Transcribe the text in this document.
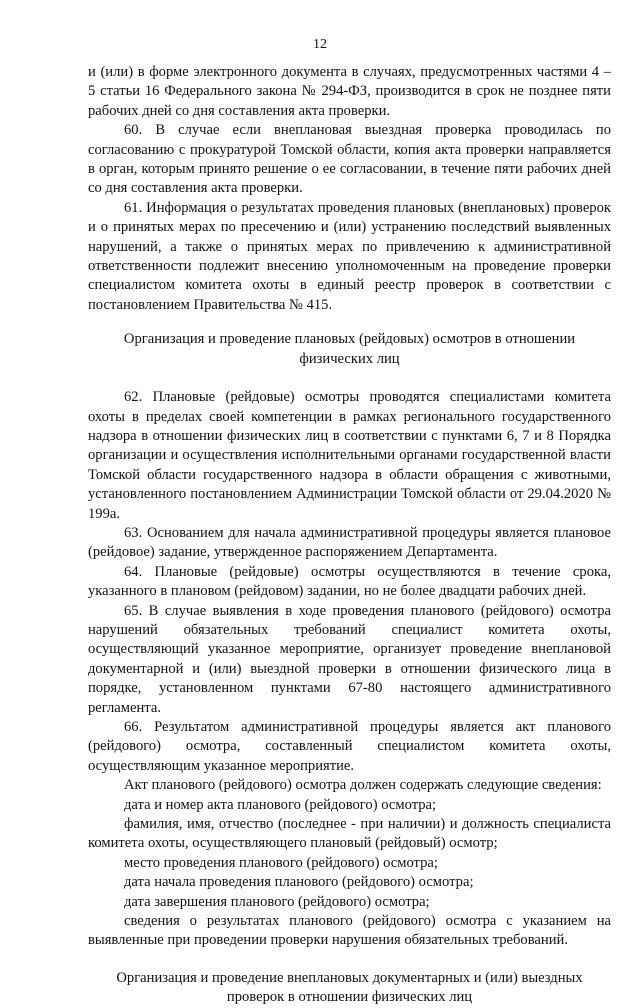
12

и (или) в форме электронного документа в случаях, предусмотренных частями 4 – 5 статьи 16 Федерального закона № 294-ФЗ, производится в срок не позднее пяти рабочих дней со дня составления акта проверки.

60. В случае если внеплановая выездная проверка проводилась по согласованию с прокуратурой Томской области, копия акта проверки направляется в орган, которым принято решение о ее согласовании, в течение пяти рабочих дней со дня составления акта проверки.

61. Информация о результатах проведения плановых (внеплановых) проверок и о принятых мерах по пресечению и (или) устранению последствий выявленных нарушений, а также о принятых мерах по привлечению к административной ответственности подлежит внесению уполномоченным на проведение проверки специалистом комитета охоты в единый реестр проверок в соответствии с постановлением Правительства № 415.

Организация и проведение плановых (рейдовых) осмотров в отношении физических лиц

62. Плановые (рейдовые) осмотры проводятся специалистами комитета охоты в пределах своей компетенции в рамках регионального государственного надзора в отношении физических лиц в соответствии с пунктами 6, 7 и 8 Порядка организации и осуществления исполнительными органами государственной власти Томской области государственного надзора в области обращения с животными, установленного постановлением Администрации Томской области от 29.04.2020 № 199а.

63. Основанием для начала административной процедуры является плановое (рейдовое) задание, утвержденное распоряжением Департамента.

64. Плановые (рейдовые) осмотры осуществляются в течение срока, указанного в плановом (рейдовом) задании, но не более двадцати рабочих дней.

65. В случае выявления в ходе проведения планового (рейдового) осмотра нарушений обязательных требований специалист комитета охоты, осуществляющий указанное мероприятие, организует проведение внеплановой документарной и (или) выездной проверки в отношении физического лица в порядке, установленном пунктами 67-80 настоящего административного регламента.

66. Результатом административной процедуры является акт планового (рейдового) осмотра, составленный специалистом комитета охоты, осуществляющим указанное мероприятие.

Акт планового (рейдового) осмотра должен содержать следующие сведения:

дата и номер акта планового (рейдового) осмотра;

фамилия, имя, отчество (последнее - при наличии) и должность специалиста комитета охоты, осуществляющего плановый (рейдовый) осмотр;

место проведения планового (рейдового) осмотра;

дата начала проведения планового (рейдового) осмотра;

дата завершения планового (рейдового) осмотра;

сведения о результатах планового (рейдового) осмотра с указанием на выявленные при проведении проверки нарушения обязательных требований.

Организация и проведение внеплановых документарных и (или) выездных проверок в отношении физических лиц
